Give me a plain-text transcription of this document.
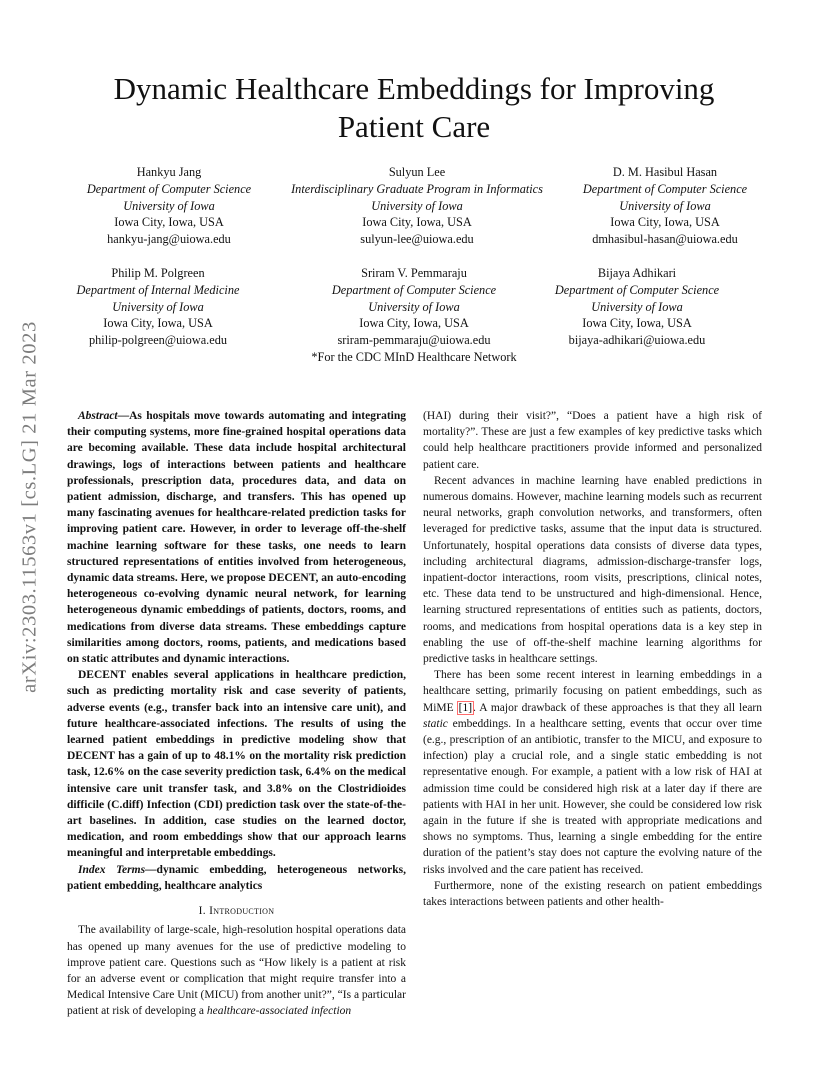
arXiv:2303.11563v1 [cs.LG] 21 Mar 2023
Dynamic Healthcare Embeddings for Improving
Patient Care
Hankyu Jang
Department of Computer Science
University of Iowa
Iowa City, Iowa, USA
hankyu-jang@uiowa.edu
Sulyun Lee
Interdisciplinary Graduate Program in Informatics
University of Iowa
Iowa City, Iowa, USA
sulyun-lee@uiowa.edu
D. M. Hasibul Hasan
Department of Computer Science
University of Iowa
Iowa City, Iowa, USA
dmhasibul-hasan@uiowa.edu
Philip M. Polgreen
Department of Internal Medicine
University of Iowa
Iowa City, Iowa, USA
philip-polgreen@uiowa.edu
Sriram V. Pemmaraju
Department of Computer Science
University of Iowa
Iowa City, Iowa, USA
sriram-pemmaraju@uiowa.edu
*For the CDC MInD Healthcare Network
Bijaya Adhikari
Department of Computer Science
University of Iowa
Iowa City, Iowa, USA
bijaya-adhikari@uiowa.edu

Abstract—As hospitals move towards automating and integrating their computing systems, more fine-grained hospital operations data are becoming available. These data include hospital architectural drawings, logs of interactions between patients and healthcare professionals, prescription data, procedures data, and data on patient admission, discharge, and transfers. This has opened up many fascinating avenues for healthcare-related prediction tasks for improving patient care. However, in order to leverage off-the-shelf machine learning software for these tasks, one needs to learn structured representations of entities involved from heterogeneous, dynamic data streams. Here, we propose DECENT, an auto-encoding heterogeneous co-evolving dynamic neural network, for learning heterogeneous dynamic embeddings of patients, doctors, rooms, and medications from diverse data streams. These embeddings capture similarities among doctors, rooms, patients, and medications based on static attributes and dynamic interactions.

DECENT enables several applications in healthcare prediction, such as predicting mortality risk and case severity of patients, adverse events (e.g., transfer back into an intensive care unit), and future healthcare-associated infections. The results of using the learned patient embeddings in predictive modeling show that DECENT has a gain of up to 48.1% on the mortality risk prediction task, 12.6% on the case severity prediction task, 6.4% on the medical intensive care unit transfer task, and 3.8% on the Clostridioides difficile (C.diff) Infection (CDI) prediction task over the state-of-the-art baselines. In addition, case studies on the learned doctor, medication, and room embeddings show that our approach learns meaningful and interpretable embeddings.

Index Terms—dynamic embedding, heterogeneous networks, patient embedding, healthcare analytics

I. Introduction

The availability of large-scale, high-resolution hospital operations data has opened up many avenues for the use of predictive modeling to improve patient care. Questions such as “How likely is a patient at risk for an adverse event or complication that might require transfer into a Medical Intensive Care Unit (MICU) from another unit?”, “Is a particular patient at risk of developing a healthcare-associated infection

(HAI) during their visit?”, “Does a patient have a high risk of mortality?”. These are just a few examples of key predictive tasks which could help healthcare practitioners provide informed and personalized patient care.

Recent advances in machine learning have enabled predictions in numerous domains. However, machine learning models such as recurrent neural networks, graph convolution networks, and transformers, often leveraged for predictive tasks, assume that the input data is structured. Unfortunately, hospital operations data consists of diverse data types, including architectural diagrams, admission-discharge-transfer logs, inpatient-doctor interactions, room visits, prescriptions, clinical notes, etc. These data tend to be unstructured and high-dimensional. Hence, learning structured representations of entities such as patients, doctors, rooms, and medications from hospital operations data is a key step in enabling the use of off-the-shelf machine learning algorithms for predictive tasks in healthcare settings.

There has been some recent interest in learning embeddings in a healthcare setting, primarily focusing on patient embeddings, such as MiME [1]. A major drawback of these approaches is that they all learn static embeddings. In a healthcare setting, events that occur over time (e.g., prescription of an antibiotic, transfer to the MICU, and exposure to infection) play a crucial role, and a single static embedding is not representative enough. For example, a patient with a low risk of HAI at admission time could be considered high risk at a later day if there are patients with HAI in her unit. However, she could be considered low risk again in the future if she is treated with appropriate medications and shows no symptoms. Thus, learning a single embedding for the entire duration of the patient’s stay does not capture the evolving nature of the risks involved and the care patient has received.

Furthermore, none of the existing research on patient embeddings takes interactions between patients and other health-
